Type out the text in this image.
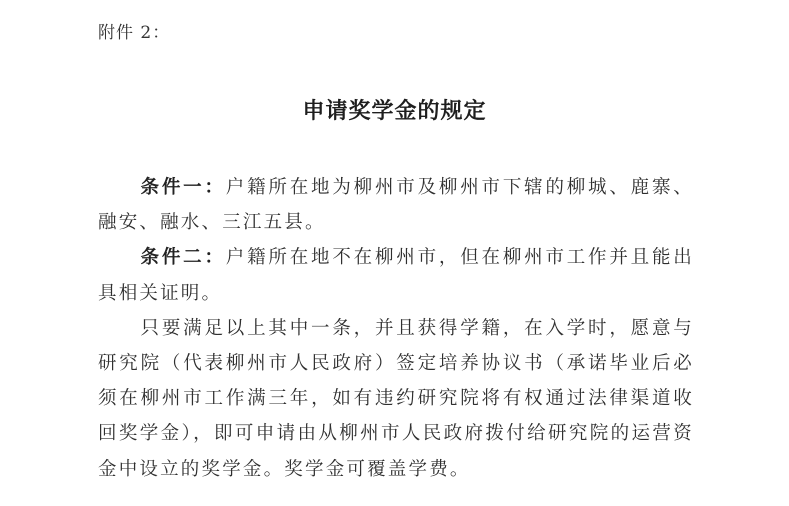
附件 2：
申请奖学金的规定

条件一：户籍所在地为柳州市及柳州市下辖的柳城、鹿寨、融安、融水、三江五县。

条件二：户籍所在地不在柳州市，但在柳州市工作并且能出具相关证明。

只要满足以上其中一条，并且获得学籍，在入学时，愿意与研究院（代表柳州市人民政府）签定培养协议书（承诺毕业后必须在柳州市工作满三年，如有违约研究院将有权通过法律渠道收回奖学金），即可申请由从柳州市人民政府拨付给研究院的运营资金中设立的奖学金。奖学金可覆盖学费。
